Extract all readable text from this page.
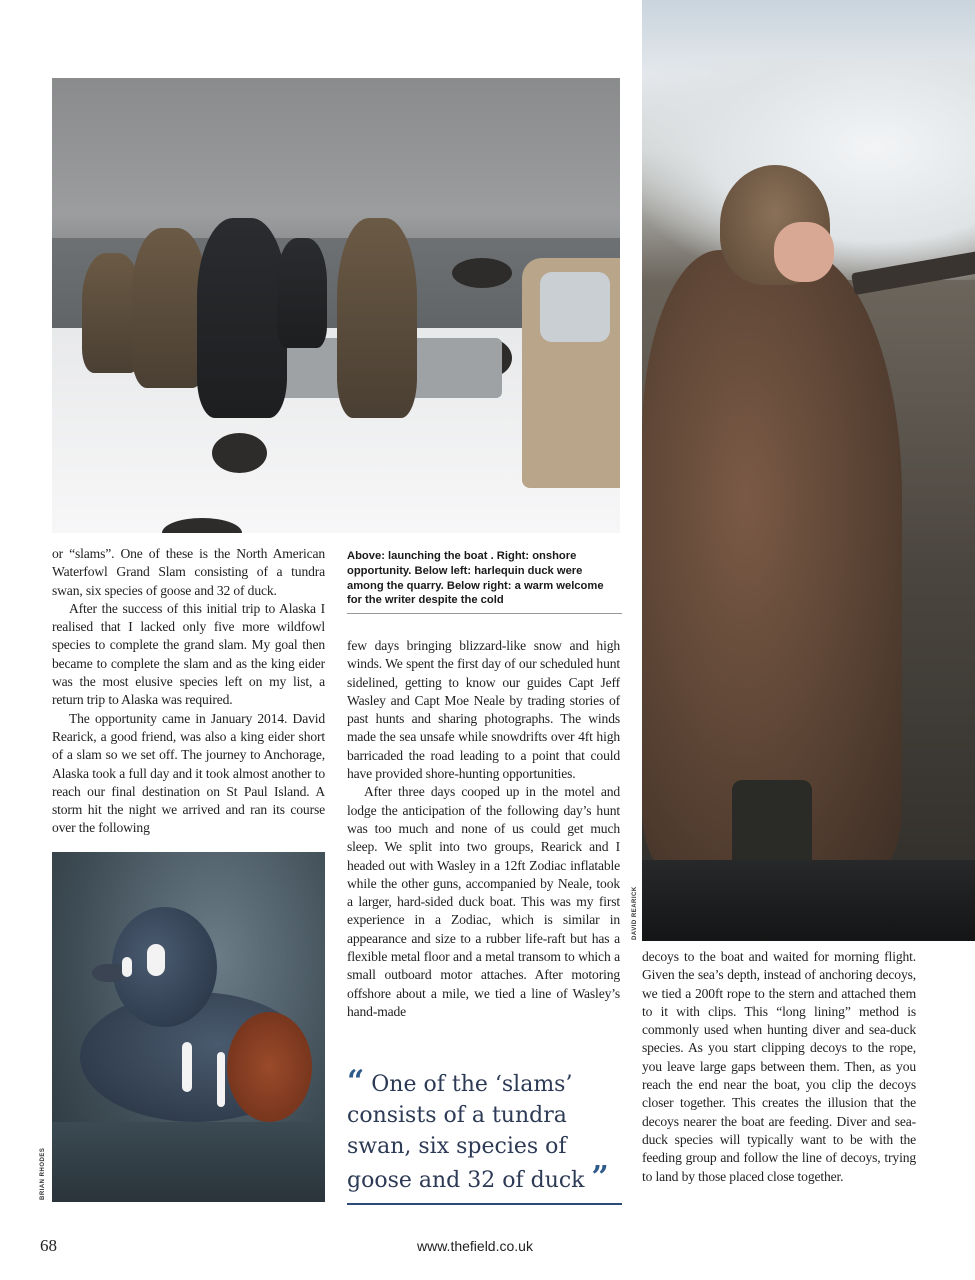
DAVID REARICK
BRIAN RHODES
Above: launching the boat . Right: onshore opportunity. Below left: harlequin duck were among the quarry. Below right: a warm welcome for the writer despite the cold

or “slams”. One of these is the North American Waterfowl Grand Slam consisting of a tundra swan, six species of goose and 32 of duck.

After the success of this initial trip to Alaska I realised that I lacked only five more wildfowl species to complete the grand slam. My goal then became to complete the slam and as the king eider was the most elusive species left on my list, a return trip to Alaska was required.

The opportunity came in January 2014. David Rearick, a good friend, was also a king eider short of a slam so we set off. The journey to Anchorage, Alaska took a full day and it took almost another to reach our final destination on St Paul Island. A storm hit the night we arrived and ran its course over the following

few days bringing blizzard-like snow and high winds. We spent the first day of our scheduled hunt sidelined, getting to know our guides Capt Jeff Wasley and Capt Moe Neale by trading stories of past hunts and sharing photographs. The winds made the sea unsafe while snowdrifts over 4ft high barricaded the road leading to a point that could have provided shore-hunting opportunities.

After three days cooped up in the motel and lodge the anticipation of the following day’s hunt was too much and none of us could get much sleep. We split into two groups, Rearick and I headed out with Wasley in a 12ft Zodiac inflatable while the other guns, accompanied by Neale, took a larger, hard-sided duck boat. This was my first experience in a Zodiac, which is similar in appearance and size to a rubber life-raft but has a flexible metal floor and a metal transom to which a small outboard motor attaches. After motoring offshore about a mile, we tied a line of Wasley’s hand-made

decoys to the boat and waited for morning flight. Given the sea’s depth, instead of anchoring decoys, we tied a 200ft rope to the stern and attached them to it with clips. This “long lining” method is commonly used when hunting diver and sea-duck species. As you start clipping decoys to the rope, you leave large gaps between them. Then, as you reach the end near the boat, you clip the decoys closer together. This creates the illusion that the decoys nearer the boat are feeding. Diver and sea-duck species will typically want to be with the feeding group and follow the line of decoys, trying to land by those placed close together.

“ One of the ‘slams’ consists of a tundra swan, six species of goose and 32 of duck ”
68	www.thefield.co.uk
